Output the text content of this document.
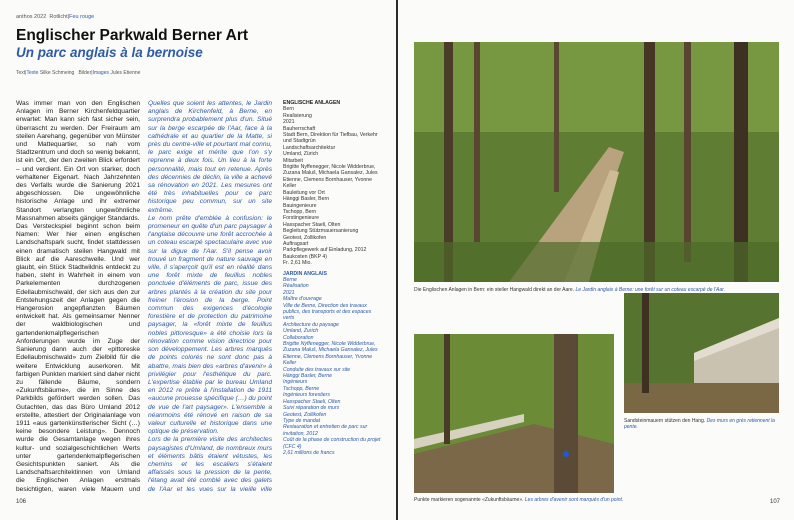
anthos 2022 Rotlicht|Feu rouge
Englischer Parkwald Berner Art
Un parc anglais à la bernoise
Text|Texte Silke Schmeing Bilder|Images Jules Etienne

Was immer man von den Englischen Anlagen im Berner Kirchenfeldquartier erwartet: Man kann sich fast sicher sein, überrascht zu werden. Der Freiraum am steilen Aarehang, gegenüber von Münster und Mattequartier, so nah vom Stadtzentrum und doch so wenig bekannt, ist ein Ort, der den zweiten Blick erfordert – und verdient. Ein Ort von starker, doch verhaltener Eigenart. Nach Jahrzehnten des Verfalls wurde die Sanierung 2021 abgeschlossen. Die ungewöhnliche historische Anlage und ihr extremer Standort verlangten ungewöhnliche Massnahmen abseits gängiger Standards.

Das Versteckspiel beginnt schon beim Namen: Wer hier einen englischen Landschaftspark sucht, findet stattdessen einen dramatisch steilen Hangwald mit Blick auf die Aareschwelle. Und wer glaubt, ein Stück Stadtwildnis entdeckt zu haben, steht in Wahrheit in einem von Parkelementen durchzogenen Edellaubmischwald, der sich aus den zur Entstehungszeit der Anlagen gegen die Hangerosion angepflanzten Bäumen entwickelt hat. Als gemeinsamer Nenner der waldbiologischen und gartendenkmalpflegerischen Anforderungen wurde im Zuge der Sanierung dann auch der «pittoreske Edellaubmischwald» zum Zielbild für die weitere Entwicklung auserkoren. Mit farbigen Punkten markiert sind daher nicht zu fällende Bäume, sondern «Zukunftsbäume», die im Sinne des Parkbilds gefördert werden sollen. Das Gutachten, das das Büro Umland 2012 erstellte, attestiert der Originalanlage von 1911 «aus gartenkünstlerischer Sicht (…) keine besondere Leistung». Dennoch wurde die Gesamtanlage wegen ihres kultur- und sozialgeschichtlichen Werts unter gartendenkmalpflegerischen Gesichtspunkten saniert. Als die Landschaftsarchitektinnen von Umland die Englischen Anlagen erstmals besichtigten, waren viele Mauern und

Quelles que soient les attentes, le Jardin anglais de Kirchenfeld, à Berne, en surprendra probablement plus d'un. Situé sur la berge escarpée de l'Aar, face à la cathédrale et au quartier de la Matte, si près du centre-ville et pourtant mal connu, le parc exige et mérite que l'on s'y reprenne à deux fois. Un lieu à la forte personnalité, mais tout en retenue. Après des décennies de déclin, la ville a achevé sa rénovation en 2021. Les mesures ont été très inhabituelles pour ce parc historique peu commun, sur un site extrême.

Le nom prête d'emblée à confusion: le promeneur en quête d'un parc paysager à l'anglaise découvre une forêt accrochée à un coteau escarpé spectaculaire avec vue sur la digue de l'Aar. S'il pense avoir trouvé un fragment de nature sauvage en ville, il s'aperçoit qu'il est en réalité dans une forêt mixte de feuillus nobles ponctuée d'éléments de parc, issue des arbres plantés à la création du site pour freiner l'érosion de la berge. Point commun des exigences d'écologie forestière et de protection du patrimoine paysager, la «forêt mixte de feuillus nobles pittoresque» a été choisie lors la rénovation comme vision directrice pour son développement. Les arbres marqués de points colorés ne sont donc pas à abattre, mais bien des «arbres d'avenir» à privilégier pour l'esthétique du parc. L'expertise établie par le bureau Umland en 2012 re prête à l'installation de 1911 «aucune prouesse spécifique (…) du point de vue de l'art paysager». L'ensemble a néanmoins été rénové en raison de sa valeur culturelle et historique dans une optique de préservation.

Lors de la première visite des architectes paysagistes d'Umland, de nombreux murs et éléments bâtis étaient vétustes, les chemins et les escaliers s'étaient affaissés sous la pression de la pente, l'étang avait été comblé avec des galets de l'Aar et les vues sur la vieille ville

ENGLISCHE ANLAGEN
Bern
Realisierung
2021
Bauherrschaft
Stadt Bern, Direktion für Tiefbau, Verkehr und Stadtgrün
Landschaftsarchitektur
Umland, Zürich
Mitarbeit
Brigitte Nyffenegger, Nicole Widderbrue, Zuzana Maluš, Michaela Gansalez, Jules Etienne, Clemens Bornhauser, Yvonne Keller
Bauleitung vor Ort
Hänggi Basler, Bern
Bauingenieure
Tschopp, Bern
Forstingenieure
Hasspacher Staeli, Olten
Begleitung Stützmauersanierung
Geotest, Zollikofen
Auftragsart
Parkpflegewerk auf Einladung, 2012
Baukosten (BKP 4)
Fr. 2,61 Mio.
JARDIN ANGLAIS
Berne
Réalisation
2021
Maître d'ouvrage
Ville de Berne, Direction des travaux publics, des transports et des espaces verts
Architecture du paysage
Umland, Zurich
Collaboration
Brigitte Nyffenegger, Nicole Widderbrue, Zuzana Maluš, Michaela Gansalez, Jules Etienne, Clemens Bornhauser, Yvonne Keller
Conduite des travaux sur site
Hänggi Basler, Berne
Ingénieurs
Tschopp, Berne
Ingénieurs forestiers
Hasspacher Staeli, Olten
Suivi réparation de murs
Geotest, Zollikofen
Type de mandat
Restauration et entretien de parc sur invitation, 2012
Coût de la phase de construction du projet (CFC 4)
2,61 millions de francs
106
Die Englischen Anlagen in Bern: ein steiler Hangwald direkt an der Aare. Le Jardin anglais à Berne: une forêt sur un coteau escarpé de l'Aar.
Sandsteinmauern stützen den Hang. Des murs en grès retiennent la pente.
Punkte markieren sogenannte «Zukunftsbäume». Les arbres d'avenir sont marqués d'un point.	107
